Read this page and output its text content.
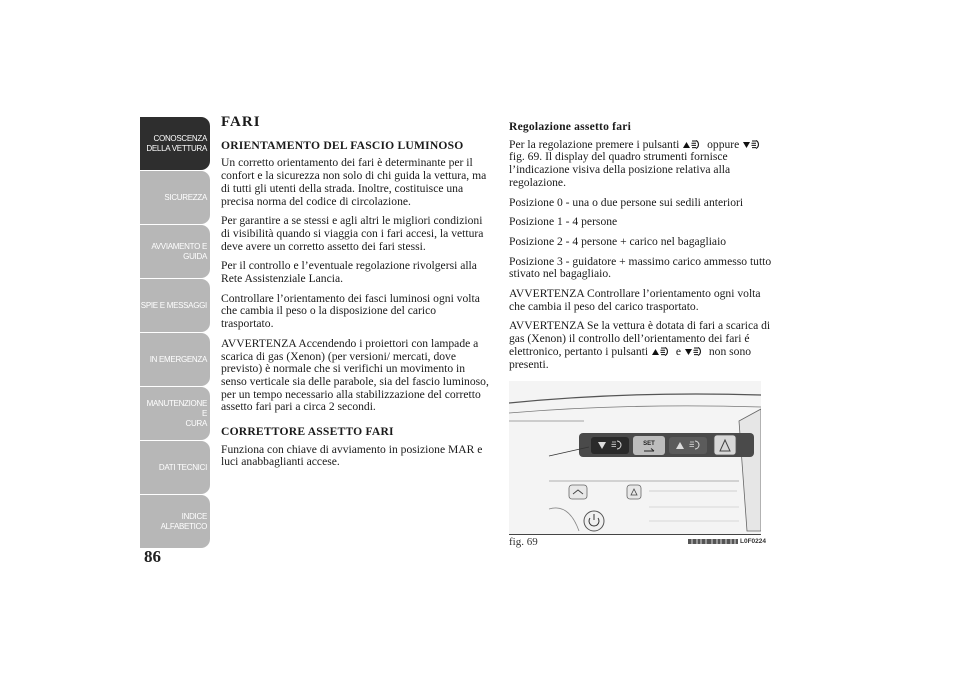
CONOSCENZA
DELLA VETTURA
SICUREZZA
AVVIAMENTO E
GUIDA
SPIE E MESSAGGI
IN EMERGENZA
MANUTENZIONE E
CURA
DATI TECNICI
INDICE
ALFABETICO
86
FARI
ORIENTAMENTO DEL FASCIO LUMINOSO

Un corretto orientamento dei fari è determinante per il confort e la sicurezza non solo di chi guida la vettura, ma di tutti gli utenti della strada. Inoltre, costituisce una precisa norma del codice di circolazione.

Per garantire a se stessi e agli altri le migliori condizioni di visibilità quando si viaggia con i fari accesi, la vettura deve avere un corretto assetto dei fari stessi.

Per il controllo e l’eventuale regolazione rivolgersi alla Rete Assistenziale Lancia.

Controllare l’orientamento dei fasci luminosi ogni volta che cambia il peso o la disposizione del carico trasportato.

AVVERTENZA Accendendo i proiettori con lampade a scarica di gas (Xenon) (per versioni/ mercati, dove previsto) è normale che si verifichi un movimento in senso verticale sia delle parabole, sia del fascio luminoso, per un tempo necessario alla stabilizzazione del corretto assetto fari pari a circa 2 secondi.

CORRETTORE ASSETTO FARI

Funziona con chiave di avviamento in posizione MAR e luci anabbaglianti accese.

Regolazione assetto fari

Per la regolazione premere i pulsanti oppure  fig. 69. Il display del quadro strumenti fornisce l’indicazione visiva della posizione relativa alla regolazione.

Posizione 0 - una o due persone sui sedili anteriori

Posizione 1 - 4 persone

Posizione 2 - 4 persone + carico nel bagagliaio

Posizione 3 - guidatore + massimo carico ammesso tutto stivato nel bagagliaio.

AVVERTENZA Controllare l’orientamento ogni volta che cambia il peso del carico trasportato.

AVVERTENZA Se la vettura è dotata di fari a scarica di gas (Xenon) il controllo dell’orientamento dei fari é elettronico, pertanto i pulsanti e non sono presenti.

SET
fig. 69	L0F0224
